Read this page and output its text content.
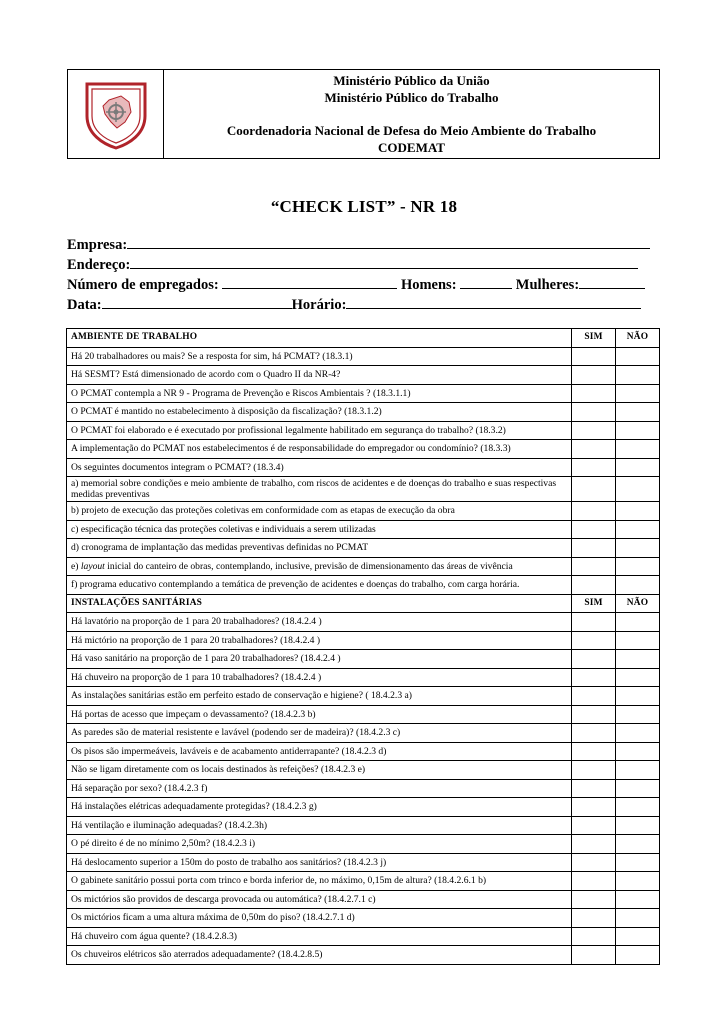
Ministério Público da União
Ministério Público do Trabalho
Coordenadoria Nacional de Defesa do Meio Ambiente do Trabalho
CODEMAT
“CHECK LIST” - NR 18
Empresa:
Endereço:
Número de empregados:	Homens:	Mulheres:
Data:	Horário:
AMBIENTE DE TRABALHO	SIM	NÃO
Há 20 trabalhadores ou mais? Se a resposta for sim, há PCMAT? (18.3.1)		
Há SESMT? Está dimensionado de acordo com o Quadro II da NR-4?		
O PCMAT contempla a NR 9 - Programa de Prevenção e Riscos Ambientais ? (18.3.1.1)		
O PCMAT é mantido no estabelecimento à disposição da fiscalização? (18.3.1.2)		
O PCMAT foi elaborado e é executado por profissional legalmente habilitado em segurança do trabalho? (18.3.2)		
A implementação do PCMAT nos estabelecimentos é de responsabilidade do empregador ou condomínio? (18.3.3)		
Os seguintes documentos integram o PCMAT? (18.3.4)		
a) memorial sobre condições e meio ambiente de trabalho, com riscos de acidentes e de doenças do trabalho e suas respectivas medidas preventivas		
b) projeto de execução das proteções coletivas em conformidade com as etapas de execução da obra		
c) especificação técnica das proteções coletivas e individuais a serem utilizadas		
d) cronograma de implantação das medidas preventivas definidas no PCMAT		
e) layout inicial do canteiro de obras, contemplando, inclusive, previsão de dimensionamento das áreas de vivência		
f) programa educativo contemplando a temática de prevenção de acidentes e doenças do trabalho, com carga horária.		
INSTALAÇÕES SANITÁRIAS	SIM	NÃO
Há lavatório na proporção de 1 para 20 trabalhadores? (18.4.2.4 )		
Há mictório na proporção de 1 para 20 trabalhadores? (18.4.2.4 )		
Há vaso sanitário na proporção de 1 para 20 trabalhadores? (18.4.2.4 )		
Há chuveiro na proporção de 1 para 10 trabalhadores? (18.4.2.4 )		
As instalações sanitárias estão em perfeito estado de conservação e higiene? ( 18.4.2.3 a)		
Há portas de acesso que impeçam o devassamento? (18.4.2.3 b)		
As paredes são de material resistente e lavável (podendo ser de madeira)? (18.4.2.3 c)		
Os pisos são impermeáveis, laváveis e de acabamento antiderrapante? (18.4.2.3 d)		
Não se ligam diretamente com os locais destinados às refeições? (18.4.2.3 e)		
Há separação por sexo? (18.4.2.3 f)		
Há instalações elétricas adequadamente protegidas? (18.4.2.3 g)		
Há ventilação e iluminação adequadas? (18.4.2.3h)		
O pé direito é de no mínimo 2,50m? (18.4.2.3 i)		
Há deslocamento superior a 150m do posto de trabalho aos sanitários? (18.4.2.3 j)		
O gabinete sanitário possui porta com trinco e borda inferior de, no máximo, 0,15m de altura? (18.4.2.6.1 b)		
Os mictórios são providos de descarga provocada ou automática? (18.4.2.7.1 c)		
Os mictórios ficam a uma altura máxima de 0,50m do piso? (18.4.2.7.1 d)		
Há chuveiro com água quente? (18.4.2.8.3)		
Os chuveiros elétricos são aterrados adequadamente? (18.4.2.8.5)		
